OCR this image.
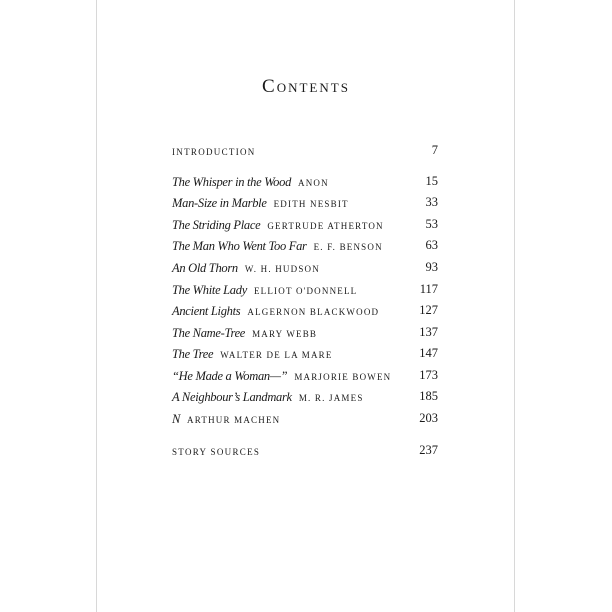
Contents
INTRODUCTION	7
The Whisper in the Wood ANON	15
Man-Size in Marble EDITH NESBIT	33
The Striding Place GERTRUDE ATHERTON	53
The Man Who Went Too Far E. F. BENSON	63
An Old Thorn W. H. HUDSON	93
The White Lady ELLIOT O'DONNELL	117
Ancient Lights ALGERNON BLACKWOOD	127
The Name-Tree MARY WEBB	137
The Tree WALTER DE LA MARE	147
“He Made a Woman—” MARJORIE BOWEN 173
A Neighbour’s Landmark M. R. JAMES	185
N ARTHUR MACHEN	203
STORY SOURCES	237
